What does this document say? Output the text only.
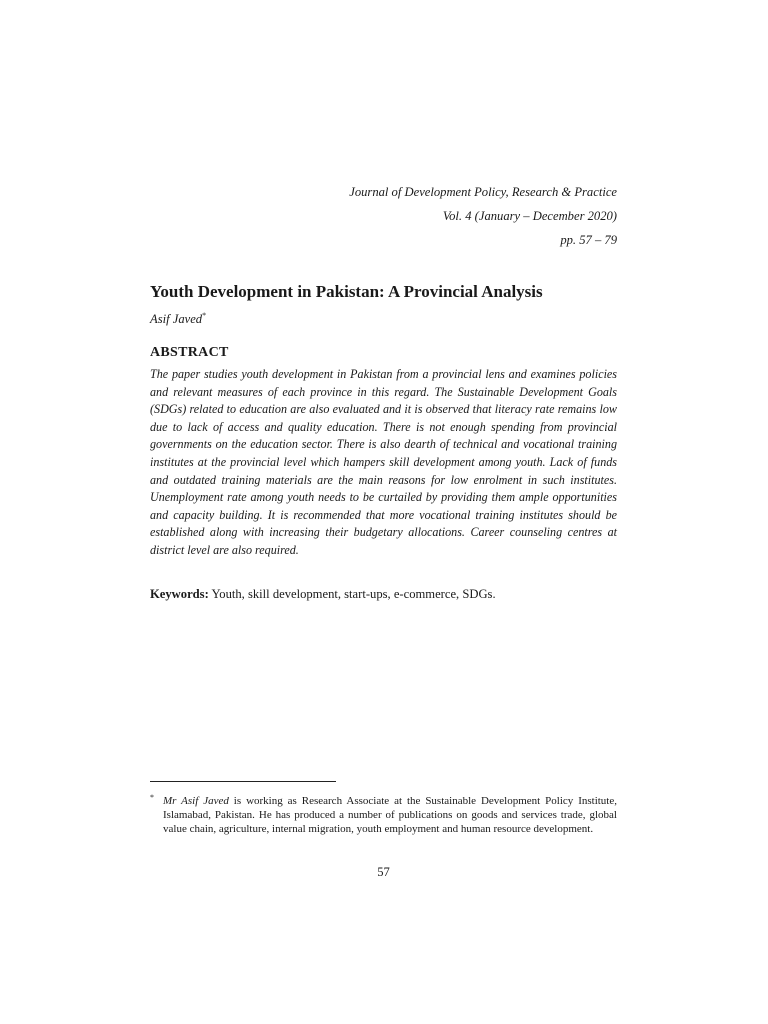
Journal of Development Policy, Research & Practice
Vol. 4 (January – December 2020)
pp. 57 – 79
Youth Development in Pakistan: A Provincial Analysis
Asif Javed*
ABSTRACT

The paper studies youth development in Pakistan from a provincial lens and examines policies and relevant measures of each province in this regard. The Sustainable Development Goals (SDGs) related to education are also evaluated and it is observed that literacy rate remains low due to lack of access and quality education. There is not enough spending from provincial governments on the education sector. There is also dearth of technical and vocational training institutes at the provincial level which hampers skill development among youth. Lack of funds and outdated training materials are the main reasons for low enrolment in such institutes. Unemployment rate among youth needs to be curtailed by providing them ample opportunities and capacity building. It is recommended that more vocational training institutes should be established along with increasing their budgetary allocations. Career counseling centres at district level are also required.

Keywords: Youth, skill development, start-ups, e-commerce, SDGs.
* Mr Asif Javed is working as Research Associate at the Sustainable Development Policy Institute, Islamabad, Pakistan. He has produced a number of publications on goods and services trade, global value chain, agriculture, internal migration, youth employment and human resource development.
57
